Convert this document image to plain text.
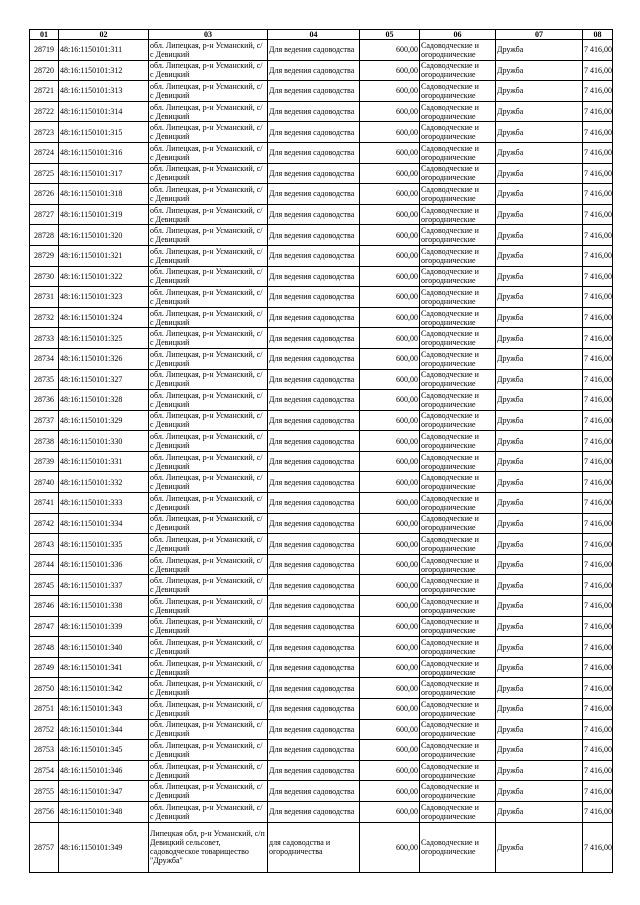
01	02	03	04	05	06	07	08
28719	48:16:1150101:311	обл. Липецкая, р-н Усманский, с/с Девицкий	Для ведения садоводства	600,00	Садоводческие и огороднические	Дружба	7 416,00
28720	48:16:1150101:312	обл. Липецкая, р-н Усманский, с/с Девицкий	Для ведения садоводства	600,00	Садоводческие и огороднические	Дружба	7 416,00
28721	48:16:1150101:313	обл. Липецкая, р-н Усманский, с/с Девицкий	Для ведения садоводства	600,00	Садоводческие и огороднические	Дружба	7 416,00
28722	48:16:1150101:314	обл. Липецкая, р-н Усманский, с/с Девицкий	Для ведения садоводства	600,00	Садоводческие и огороднические	Дружба	7 416,00
28723	48:16:1150101:315	обл. Липецкая, р-н Усманский, с/с Девицкий	Для ведения садоводства	600,00	Садоводческие и огороднические	Дружба	7 416,00
28724	48:16:1150101:316	обл. Липецкая, р-н Усманский, с/с Девицкий	Для ведения садоводства	600,00	Садоводческие и огороднические	Дружба	7 416,00
28725	48:16:1150101:317	обл. Липецкая, р-н Усманский, с/с Девицкий	Для ведения садоводства	600,00	Садоводческие и огороднические	Дружба	7 416,00
28726	48:16:1150101:318	обл. Липецкая, р-н Усманский, с/с Девицкий	Для ведения садоводства	600,00	Садоводческие и огороднические	Дружба	7 416,00
28727	48:16:1150101:319	обл. Липецкая, р-н Усманский, с/с Девицкий	Для ведения садоводства	600,00	Садоводческие и огороднические	Дружба	7 416,00
28728	48:16:1150101:320	обл. Липецкая, р-н Усманский, с/с Девицкий	Для ведения садоводства	600,00	Садоводческие и огороднические	Дружба	7 416,00
28729	48:16:1150101:321	обл. Липецкая, р-н Усманский, с/с Девицкий	Для ведения садоводства	600,00	Садоводческие и огороднические	Дружба	7 416,00
28730	48:16:1150101:322	обл. Липецкая, р-н Усманский, с/с Девицкий	Для ведения садоводства	600,00	Садоводческие и огороднические	Дружба	7 416,00
28731	48:16:1150101:323	обл. Липецкая, р-н Усманский, с/с Девицкий	Для ведения садоводства	600,00	Садоводческие и огороднические	Дружба	7 416,00
28732	48:16:1150101:324	обл. Липецкая, р-н Усманский, с/с Девицкий	Для ведения садоводства	600,00	Садоводческие и огороднические	Дружба	7 416,00
28733	48:16:1150101:325	обл. Липецкая, р-н Усманский, с/с Девицкий	Для ведения садоводства	600,00	Садоводческие и огороднические	Дружба	7 416,00
28734	48:16:1150101:326	обл. Липецкая, р-н Усманский, с/с Девицкий	Для ведения садоводства	600,00	Садоводческие и огороднические	Дружба	7 416,00
28735	48:16:1150101:327	обл. Липецкая, р-н Усманский, с/с Девицкий	Для ведения садоводства	600,00	Садоводческие и огороднические	Дружба	7 416,00
28736	48:16:1150101:328	обл. Липецкая, р-н Усманский, с/с Девицкий	Для ведения садоводства	600,00	Садоводческие и огороднические	Дружба	7 416,00
28737	48:16:1150101:329	обл. Липецкая, р-н Усманский, с/с Девицкий	Для ведения садоводства	600,00	Садоводческие и огороднические	Дружба	7 416,00
28738	48:16:1150101:330	обл. Липецкая, р-н Усманский, с/с Девицкий	Для ведения садоводства	600,00	Садоводческие и огороднические	Дружба	7 416,00
28739	48:16:1150101:331	обл. Липецкая, р-н Усманский, с/с Девицкий	Для ведения садоводства	600,00	Садоводческие и огороднические	Дружба	7 416,00
28740	48:16:1150101:332	обл. Липецкая, р-н Усманский, с/с Девицкий	Для ведения садоводства	600,00	Садоводческие и огороднические	Дружба	7 416,00
28741	48:16:1150101:333	обл. Липецкая, р-н Усманский, с/с Девицкий	Для ведения садоводства	600,00	Садоводческие и огороднические	Дружба	7 416,00
28742	48:16:1150101:334	обл. Липецкая, р-н Усманский, с/с Девицкий	Для ведения садоводства	600,00	Садоводческие и огороднические	Дружба	7 416,00
28743	48:16:1150101:335	обл. Липецкая, р-н Усманский, с/с Девицкий	Для ведения садоводства	600,00	Садоводческие и огороднические	Дружба	7 416,00
28744	48:16:1150101:336	обл. Липецкая, р-н Усманский, с/с Девицкий	Для ведения садоводства	600,00	Садоводческие и огороднические	Дружба	7 416,00
28745	48:16:1150101:337	обл. Липецкая, р-н Усманский, с/с Девицкий	Для ведения садоводства	600,00	Садоводческие и огороднические	Дружба	7 416,00
28746	48:16:1150101:338	обл. Липецкая, р-н Усманский, с/с Девицкий	Для ведения садоводства	600,00	Садоводческие и огороднические	Дружба	7 416,00
28747	48:16:1150101:339	обл. Липецкая, р-н Усманский, с/с Девицкий	Для ведения садоводства	600,00	Садоводческие и огороднические	Дружба	7 416,00
28748	48:16:1150101:340	обл. Липецкая, р-н Усманский, с/с Девицкий	Для ведения садоводства	600,00	Садоводческие и огороднические	Дружба	7 416,00
28749	48:16:1150101:341	обл. Липецкая, р-н Усманский, с/с Девицкий	Для ведения садоводства	600,00	Садоводческие и огороднические	Дружба	7 416,00
28750	48:16:1150101:342	обл. Липецкая, р-н Усманский, с/с Девицкий	Для ведения садоводства	600,00	Садоводческие и огороднические	Дружба	7 416,00
28751	48:16:1150101:343	обл. Липецкая, р-н Усманский, с/с Девицкий	Для ведения садоводства	600,00	Садоводческие и огороднические	Дружба	7 416,00
28752	48:16:1150101:344	обл. Липецкая, р-н Усманский, с/с Девицкий	Для ведения садоводства	600,00	Садоводческие и огороднические	Дружба	7 416,00
28753	48:16:1150101:345	обл. Липецкая, р-н Усманский, с/с Девицкий	Для ведения садоводства	600,00	Садоводческие и огороднические	Дружба	7 416,00
28754	48:16:1150101:346	обл. Липецкая, р-н Усманский, с/с Девицкий	Для ведения садоводства	600,00	Садоводческие и огороднические	Дружба	7 416,00
28755	48:16:1150101:347	обл. Липецкая, р-н Усманский, с/с Девицкий	Для ведения садоводства	600,00	Садоводческие и огороднические	Дружба	7 416,00
28756	48:16:1150101:348	обл. Липецкая, р-н Усманский, с/с Девицкий	Для ведения садоводства	600,00	Садоводческие и огороднические	Дружба	7 416,00
28757	48:16:1150101:349	Липецкая обл, р-н Усманский, с/п Девицкий сельсовет, садоводческое товарищество "Дружба"	для садоводства и огородничества	600,00	Садоводческие и огороднические	Дружба	7 416,00
